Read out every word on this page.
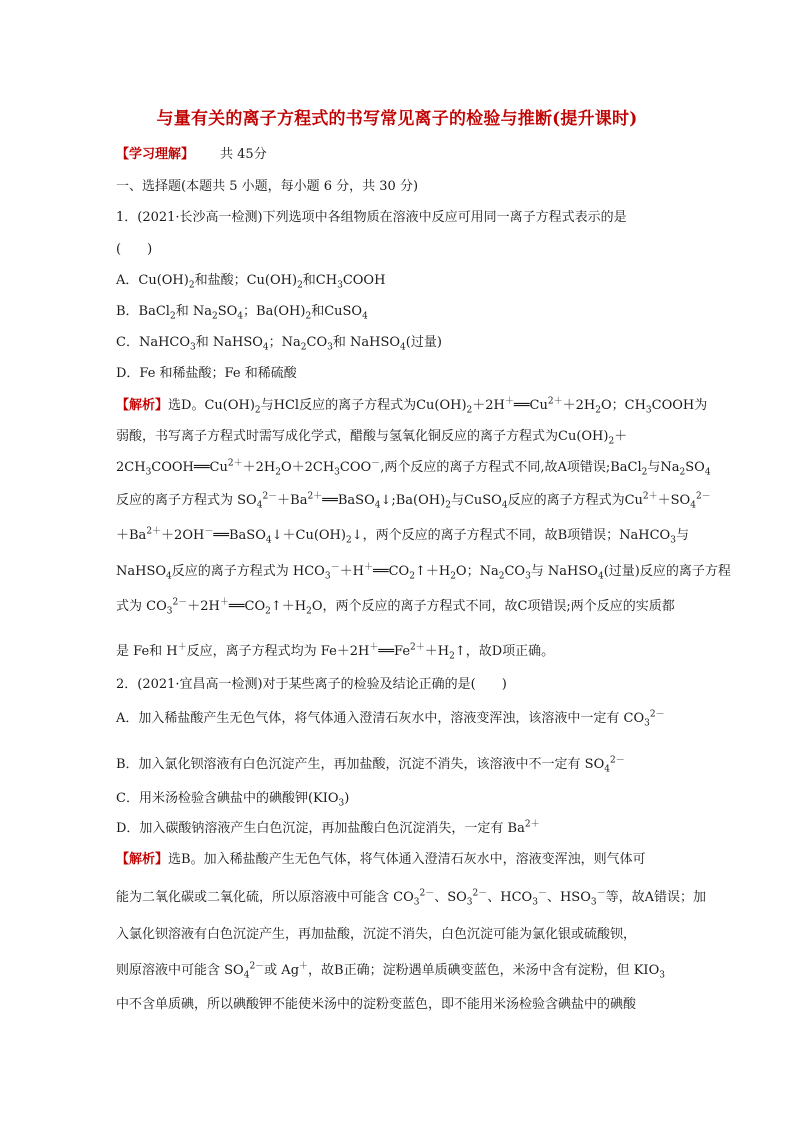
与量有关的离子方程式的书写常见离子的检验与推断(提升课时)
【学习理解】 共 45分
一、选择题(本题共 5 小题，每小题 6 分，共 30 分)
1．(2021·长沙高一检测)下列选项中各组物质在溶液中反应可用同一离子方程式表示的是
(　　)
A．$Cu(OH)_2$和盐酸；$Cu(OH)_2$和$CH_3COOH$
B．BaCl$_2$和 $Na_2SO_4$；$Ba(OH)_2$和CuSO$_4$
C．NaHCO$_3$和 NaHSO$_4$；$Na_2CO_3$和 NaHSO$_4$(过量)
D．Fe 和稀盐酸；Fe 和稀硫酸
【解析】选D。$Cu(OH)_2$与HCl反应的离子方程式为$Cu(OH)_2+2H^+══Cu^{2+}+2H_2O$；$CH_3COOH$为
弱酸，书写离子方程式时需写成化学式，醋酸与氢氧化铜反应的离子方程式为$Cu(OH)_2+$
$2CH_3COOH══Cu^{2+}+2H_2O+2CH_3COO^-$,两个反应的离子方程式不同,故A项错误;BaCl$_2$与$Na_2SO_4$
反应的离子方程式为 $SO_4^{2-}+Ba^{2+}══BaSO_4↓;Ba(OH)_2$与CuSO$_4$反应的离子方程式为$Cu^{2+}+SO_4^{2-}$
$+Ba^{2+}+2OH^-══BaSO_4↓+Cu(OH)_2↓$，两个反应的离子方程式不同，故B项错误；NaHCO$_3$与
NaHSO$_4$反应的离子方程式为 $HCO_3^-+H^+══CO_2↑+H_2O$；$Na_2CO_3$与 NaHSO$_4$(过量)反应的离子方程
式为 $CO_3^{2-}+2H^+══CO_2↑+H_2O$，两个反应的离子方程式不同，故C项错误;两个反应的实质都
是 Fe和 H＋反应，离子方程式均为 $Fe+2H^+══Fe^{2+}+H_2↑$，故D项正确。
2．(2021·宜昌高一检测)对于某些离子的检验及结论正确的是(　　)
A．加入稀盐酸产生无色气体，将气体通入澄清石灰水中，溶液变浑浊，该溶液中一定有 $CO_3^{2-}$
B．加入氯化钡溶液有白色沉淀产生，再加盐酸，沉淀不消失，该溶液中不一定有 $SO_4^{2-}$
C．用米汤检验含碘盐中的碘酸钾$(KIO_3)$
D．加入碳酸钠溶液产生白色沉淀，再加盐酸白色沉淀消失，一定有 $Ba^{2+}$
【解析】选B。加入稀盐酸产生无色气体，将气体通入澄清石灰水中，溶液变浑浊，则气体可
能为二氧化碳或二氧化硫，所以原溶液中可能含 $CO_3^{2-}$、$SO_3^{2-}$、$HCO_3^-$、$HSO_3^-$等，故A错误；加
入氯化钡溶液有白色沉淀产生，再加盐酸，沉淀不消失，白色沉淀可能为氯化银或硫酸钡，
则原溶液中可能含 $SO_4^{2-}$或 Ag＋，故B正确；淀粉遇单质碘变蓝色，米汤中含有淀粉，但 $KIO_3$
中不含单质碘，所以碘酸钾不能使米汤中的淀粉变蓝色，即不能用米汤检验含碘盐中的碘酸
